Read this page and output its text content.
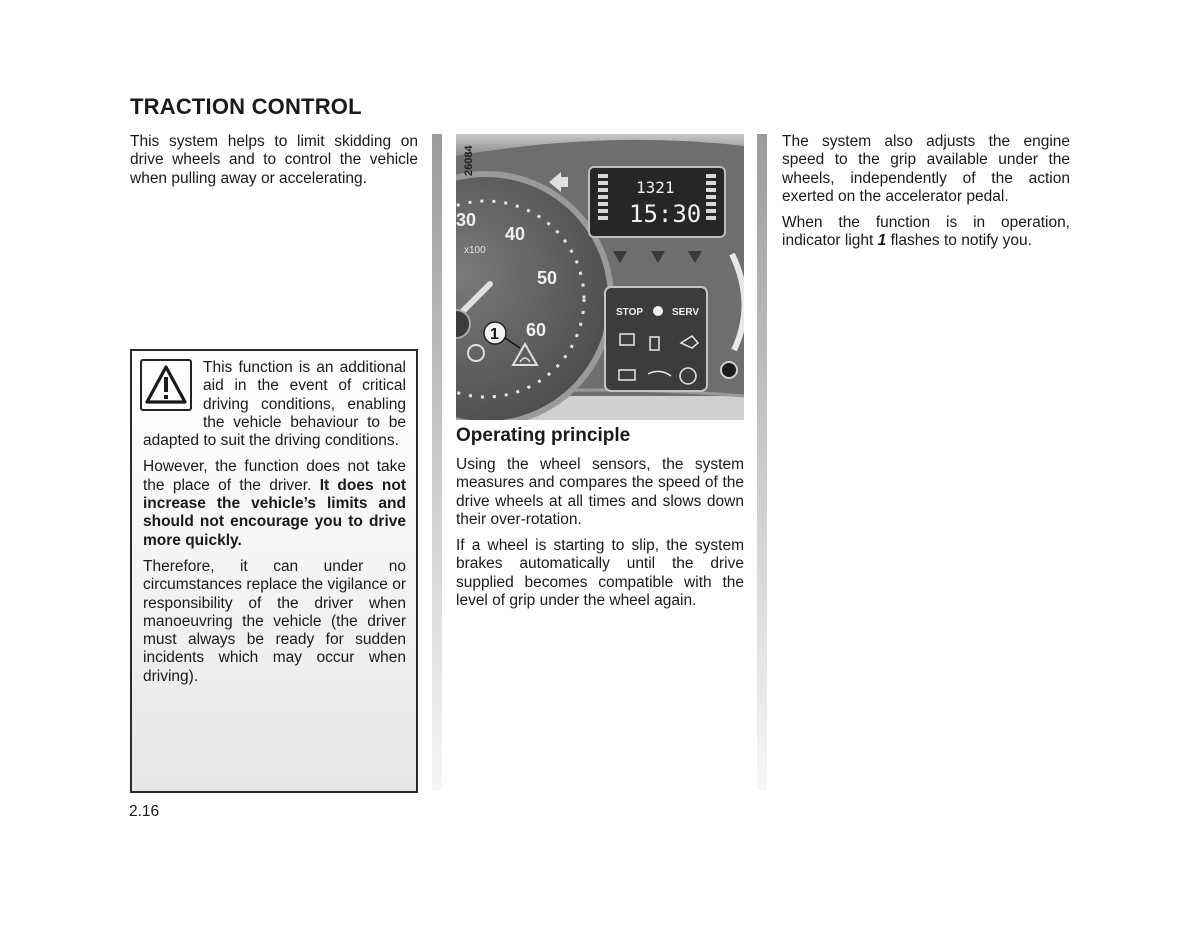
TRACTION CONTROL

This system helps to limit skidding on drive wheels and to control the vehicle when pulling away or accelerating.

This function is an additional aid in the event of critical driving conditions, enabling the vehicle behaviour to be adapted to suit the driving conditions.

However, the function does not take the place of the driver. It does not increase the vehicle’s limits and should not encourage you to drive more quickly.

Therefore, it can under no circumstances replace the vigilance or responsibility of the driver when manoeuvring the vehicle (the driver must always be ready for sudden incidents which may occur when driving).

30
40
50
60
x100
26084
1
1321
15:30
STOP	SERV
Operating principle

Using the wheel sensors, the system measures and compares the speed of the drive wheels at all times and slows down their over-rotation.

If a wheel is starting to slip, the system brakes automatically until the drive supplied becomes compatible with the level of grip under the wheel again.

The system also adjusts the engine speed to the grip available under the wheels, independently of the action exerted on the accelerator pedal.

When the function is in operation, indicator light 1 flashes to notify you.

2.16
